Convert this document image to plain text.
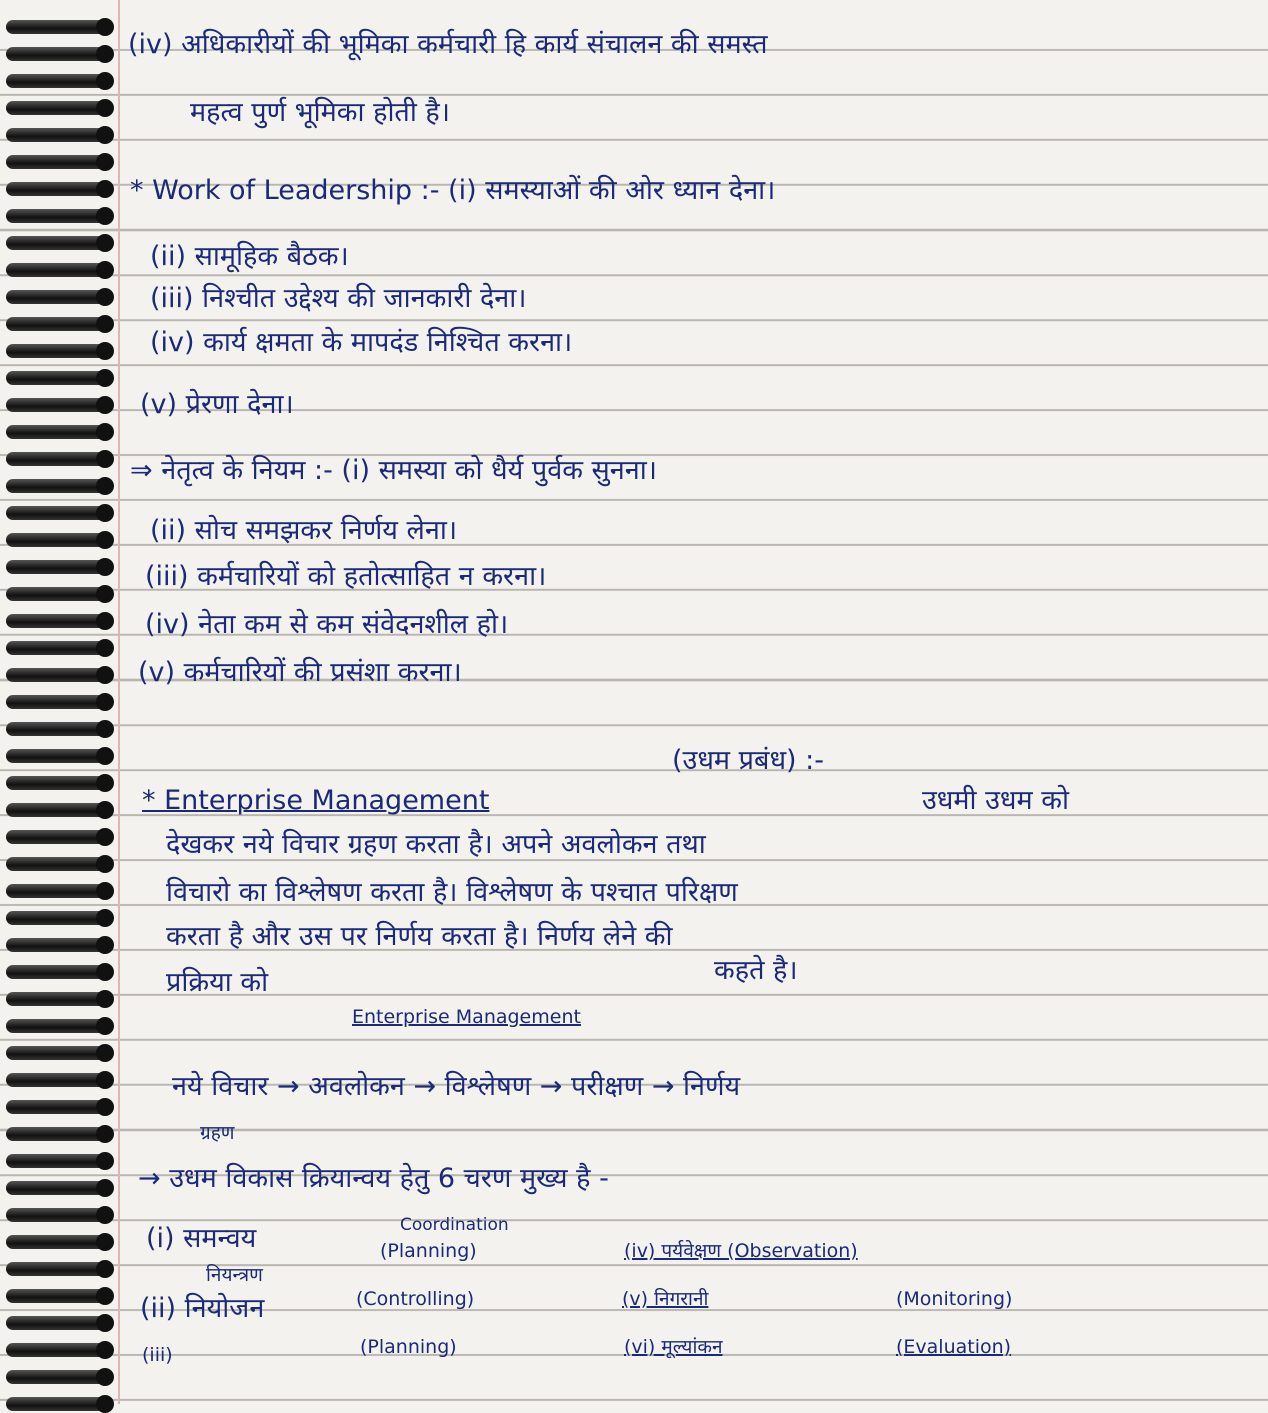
(iv) अधिकारीयों की भूमिका कर्मचारी हि कार्य संचालन की समस्त
महत्व पुर्ण भूमिका होती है।
* Work of Leadership :- (i) समस्याओं की ओर ध्यान देना।
(ii) सामूहिक बैठक।
(iii) निश्चीत उद्देश्य की जानकारी देना।
(iv) कार्य क्षमता के मापदंड निश्चित करना।
(v) प्रेरणा देना।
⇒ नेतृत्व के नियम :- (i) समस्या को धैर्य पुर्वक सुनना।
(ii) सोच समझकर निर्णय लेना।
(iii) कर्मचारियों को हतोत्साहित न करना।
(iv) नेता कम से कम संवेदनशील हो।
(v) कर्मचारियों की प्रसंशा करना।
(उधम प्रबंध) :-
* Enterprise Management	उधमी उधम को
देखकर नये विचार ग्रहण करता है। अपने अवलोकन तथा
विचारो का विश्लेषण करता है। विश्लेषण के पश्चात परिक्षण
करता है और उस पर निर्णय करता है। निर्णय लेने की
प्रक्रिया को	कहते है।
Enterprise Management
नये विचार → अवलोकन → विश्लेषण → परीक्षण → निर्णय
ग्रहण
→ उधम विकास क्रियान्वय हेतु 6 चरण मुख्य है -
(i) समन्वय	Coordination
(Planning)	(iv) पर्यवेक्षण (Observation)
नियन्त्रण
(ii) नियोजन	(Controlling)	(v) निगरानी	(Monitoring)
(iii)	(Planning)	(vi) मूल्यांकन	(Evaluation)
